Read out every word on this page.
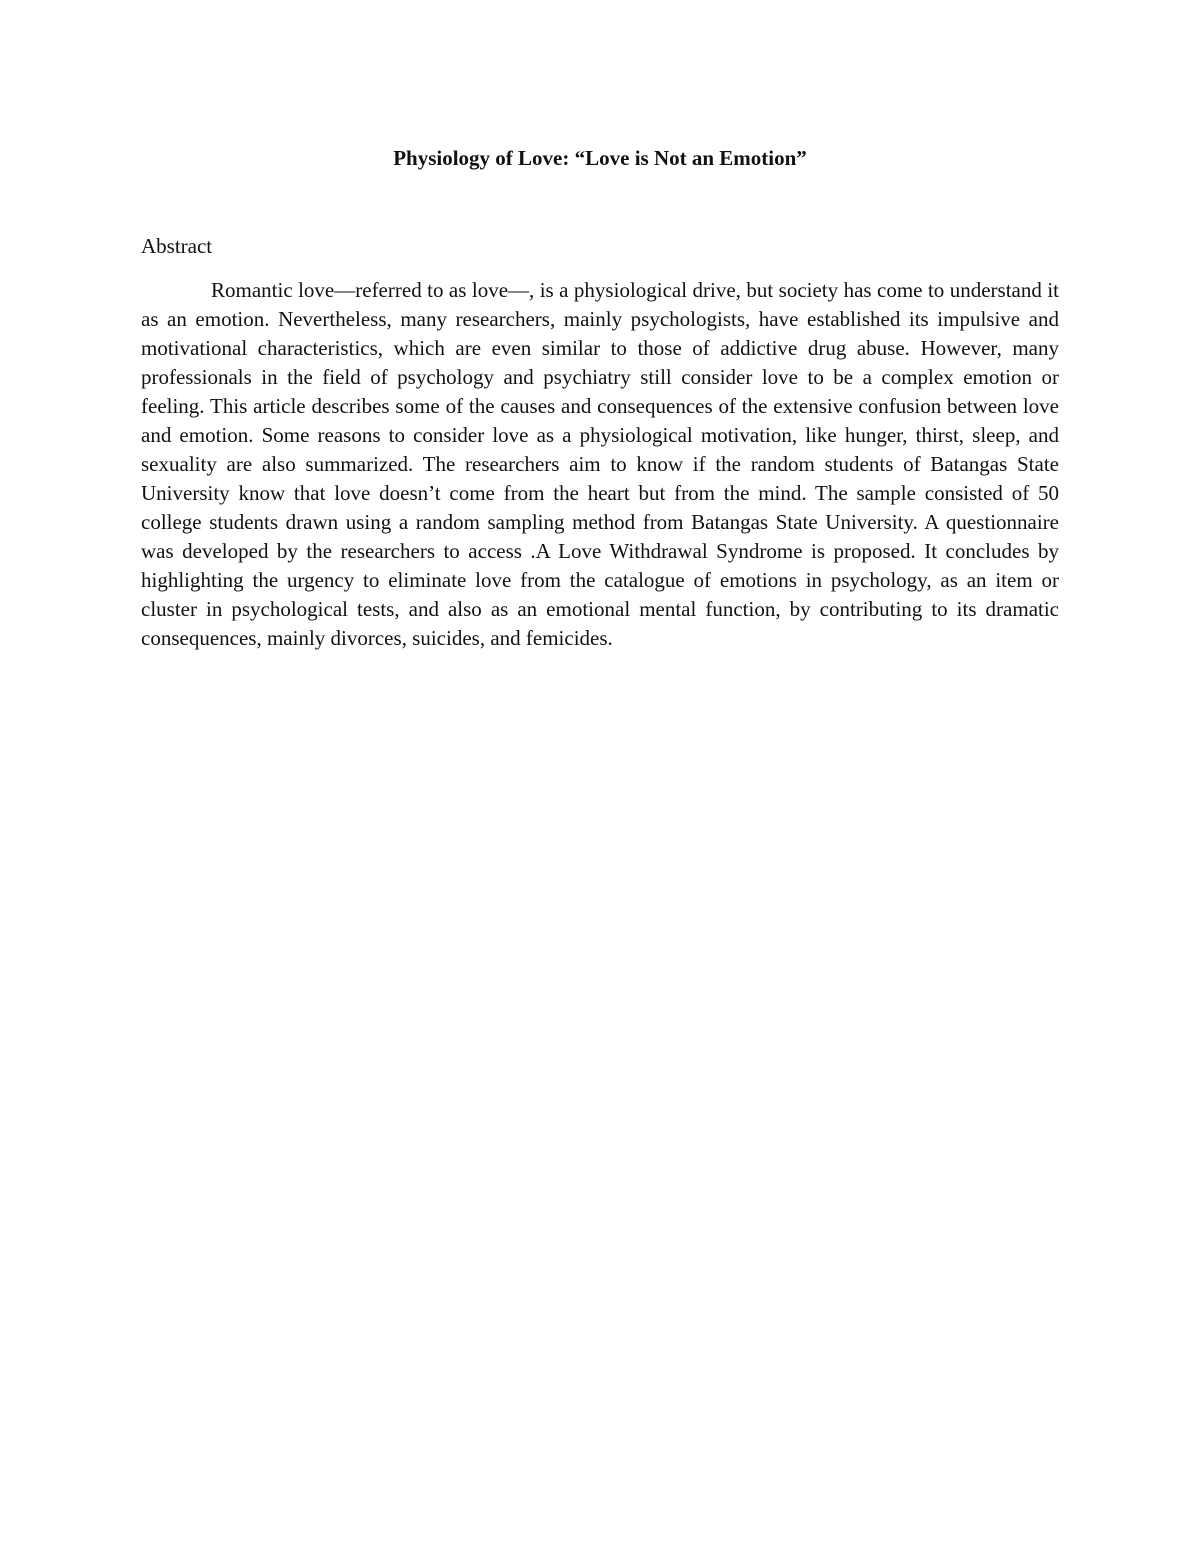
Physiology of Love: “Love is Not an Emotion”
Abstract

Romantic love—referred to as love—, is a physiological drive, but society has come to understand it as an emotion. Nevertheless, many researchers, mainly psychologists, have established its impulsive and motivational characteristics, which are even similar to those of addictive drug abuse. However, many professionals in the field of psychology and psychiatry still consider love to be a complex emotion or feeling. This article describes some of the causes and consequences of the extensive confusion between love and emotion. Some reasons to consider love as a physiological motivation, like hunger, thirst, sleep, and sexuality are also summarized. The researchers aim to know if the random students of Batangas State University know that love doesn’t come from the heart but from the mind. The sample consisted of 50 college students drawn using a random sampling method from Batangas State University. A questionnaire was developed by the researchers to access .A Love Withdrawal Syndrome is proposed. It concludes by highlighting the urgency to eliminate love from the catalogue of emotions in psychology, as an item or cluster in psychological tests, and also as an emotional mental function, by contributing to its dramatic consequences, mainly divorces, suicides, and femicides.
